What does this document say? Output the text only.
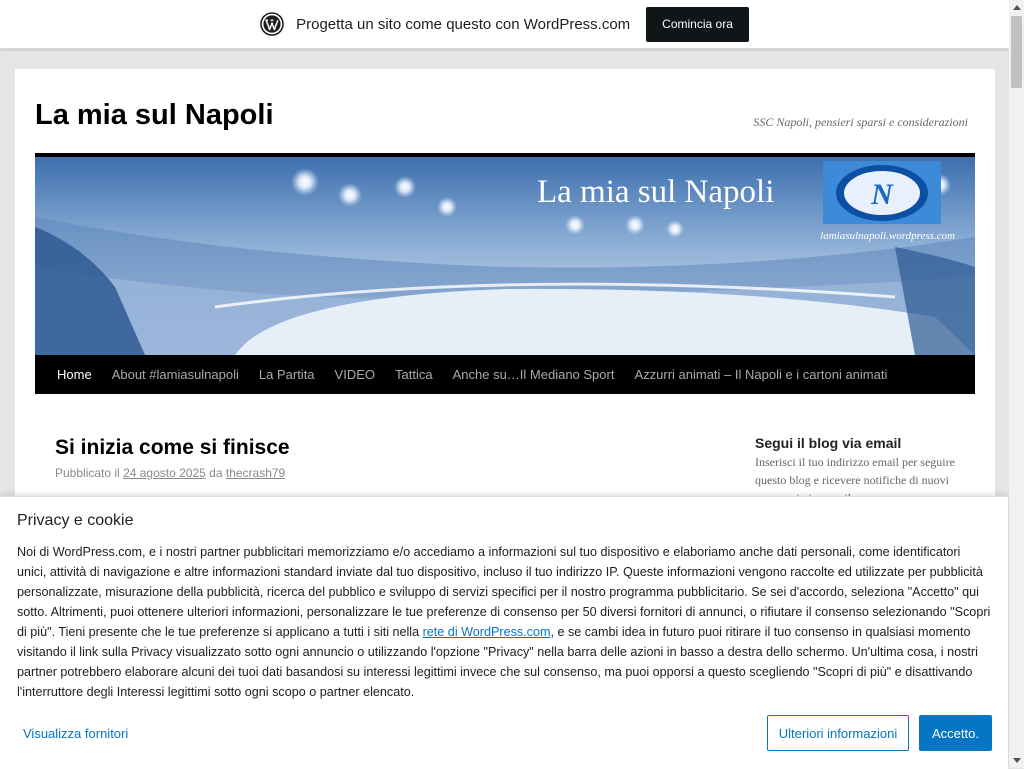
Progetta un sito come questo con WordPress.com	Comincia ora
La mia sul Napoli	SSC Napoli, pensieri sparsi e considerazioni
N
La mia sul Napoli
lamiasulnapoli.wordpress.com
Home	About #lamiasulnapoli	La Partita	VIDEO	Tattica	Anche su…Il Mediano Sport	Azzurri animati – Il Napoli e i cartoni animati
Si inizia come si finisce
Pubblicato il 24 agosto 2025 da thecrash79
Segui il blog via email
Inserisci il tuo indirizzo email per seguire questo blog e ricevere notifiche di nuovi
Privacy e cookie
Noi di WordPress.com, e i nostri partner pubblicitari memorizziamo e/o accediamo a informazioni sul tuo dispositivo e elaboriamo anche dati personali, come identificatori unici, attività di navigazione e altre informazioni standard inviate dal tuo dispositivo, incluso il tuo indirizzo IP. Queste informazioni vengono raccolte ed utilizzate per pubblicità personalizzate, misurazione della pubblicità, ricerca del pubblico e sviluppo di servizi specifici per il nostro programma pubblicitario. Se sei d'accordo, seleziona "Accetto" qui sotto. Altrimenti, puoi ottenere ulteriori informazioni, personalizzare le tue preferenze di consenso per 50 diversi fornitori di annunci, o rifiutare il consenso selezionando "Scopri di più". Tieni presente che le tue preferenze si applicano a tutti i siti nella rete di WordPress.com, e se cambi idea in futuro puoi ritirare il tuo consenso in qualsiasi momento visitando il link sulla Privacy visualizzato sotto ogni annuncio o utilizzando l'opzione "Privacy" nella barra delle azioni in basso a destra dello schermo. Un'ultima cosa, i nostri partner potrebbero elaborare alcuni dei tuoi dati basandosi su interessi legittimi invece che sul consenso, ma puoi opporsi a questo scegliendo "Scopri di più" e disattivando l'interruttore degli Interessi legittimi sotto ogni scopo o partner elencato.
Visualizza fornitori	Ulteriori informazioni	Accetto.
